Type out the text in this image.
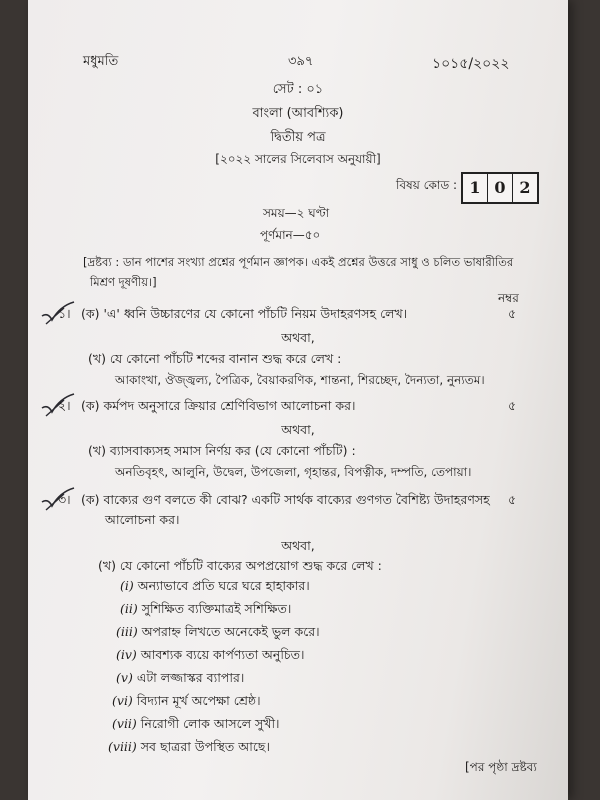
মধুমতি	৩৯৭	১০১৫/২০২২
সেট : ০১
বাংলা (আবশ্যিক)
দ্বিতীয় পত্র
[২০২২ সালের সিলেবাস অনুযায়ী]
বিষয় কোড : 1 0 2
সময়—২ ঘণ্টা
পূর্ণমান—৫০
[দ্রষ্টব্য : ডান পাশের সংখ্যা প্রশ্নের পূর্ণমান জ্ঞাপক। একই প্রশ্নের উত্তরে সাধু ও চলিত ভাষারীতির
মিশ্রণ দূষণীয়।]
নম্বর
১। (ক) 'এ' ধ্বনি উচ্চারণের যে কোনো পাঁচটি নিয়ম উদাহরণসহ লেখ।	৫
অথবা,
(খ) যে কোনো পাঁচটি শব্দের বানান শুদ্ধ করে লেখ :
আকাংখা, ঔজ্জ্বল্য, পৈত্রিক, বৈয়াকরণিক, শান্তনা, শিরচ্ছেদ, দৈন্যতা, নুন্যতম।
২। (ক) কর্মপদ অনুসারে ক্রিয়ার শ্রেণিবিভাগ আলোচনা কর।	৫
অথবা,
(খ) ব্যাসবাক্যসহ সমাস নির্ণয় কর (যে কোনো পাঁচটি) :
অনতিবৃহৎ, আলুনি, উদ্বেল, উপজেলা, গৃহান্তর, বিপত্নীক, দম্পতি, তেপায়া।
৩। (ক) বাক্যের গুণ বলতে কী বোঝ? একটি সার্থক বাক্যের গুণগত বৈশিষ্ট্য উদাহরণসহ ৫
আলোচনা কর।
অথবা,
(খ) যে কোনো পাঁচটি বাক্যের অপপ্রয়োগ শুদ্ধ করে লেখ :
(i) অন্যাভাবে প্রতি ঘরে ঘরে হাহাকার।
(ii) সুশিক্ষিত ব্যক্তিমাত্রই সশিক্ষিত।
(iii) অপরাহ্ন লিখতে অনেকেই ভুল করে।
(iv) আবশ্যক ব্যয়ে কার্পণ্যতা অনুচিত।
(v) এটা লজ্জাস্কর ব্যাপার।
(vi) বিদ্যান মূর্খ অপেক্ষা শ্রেষ্ঠ।
(vii) নিরোগী লোক আসলে সুখী।
(viii) সব ছাত্ররা উপস্থিত আছে।
[পর পৃষ্ঠা দ্রষ্টব্য
